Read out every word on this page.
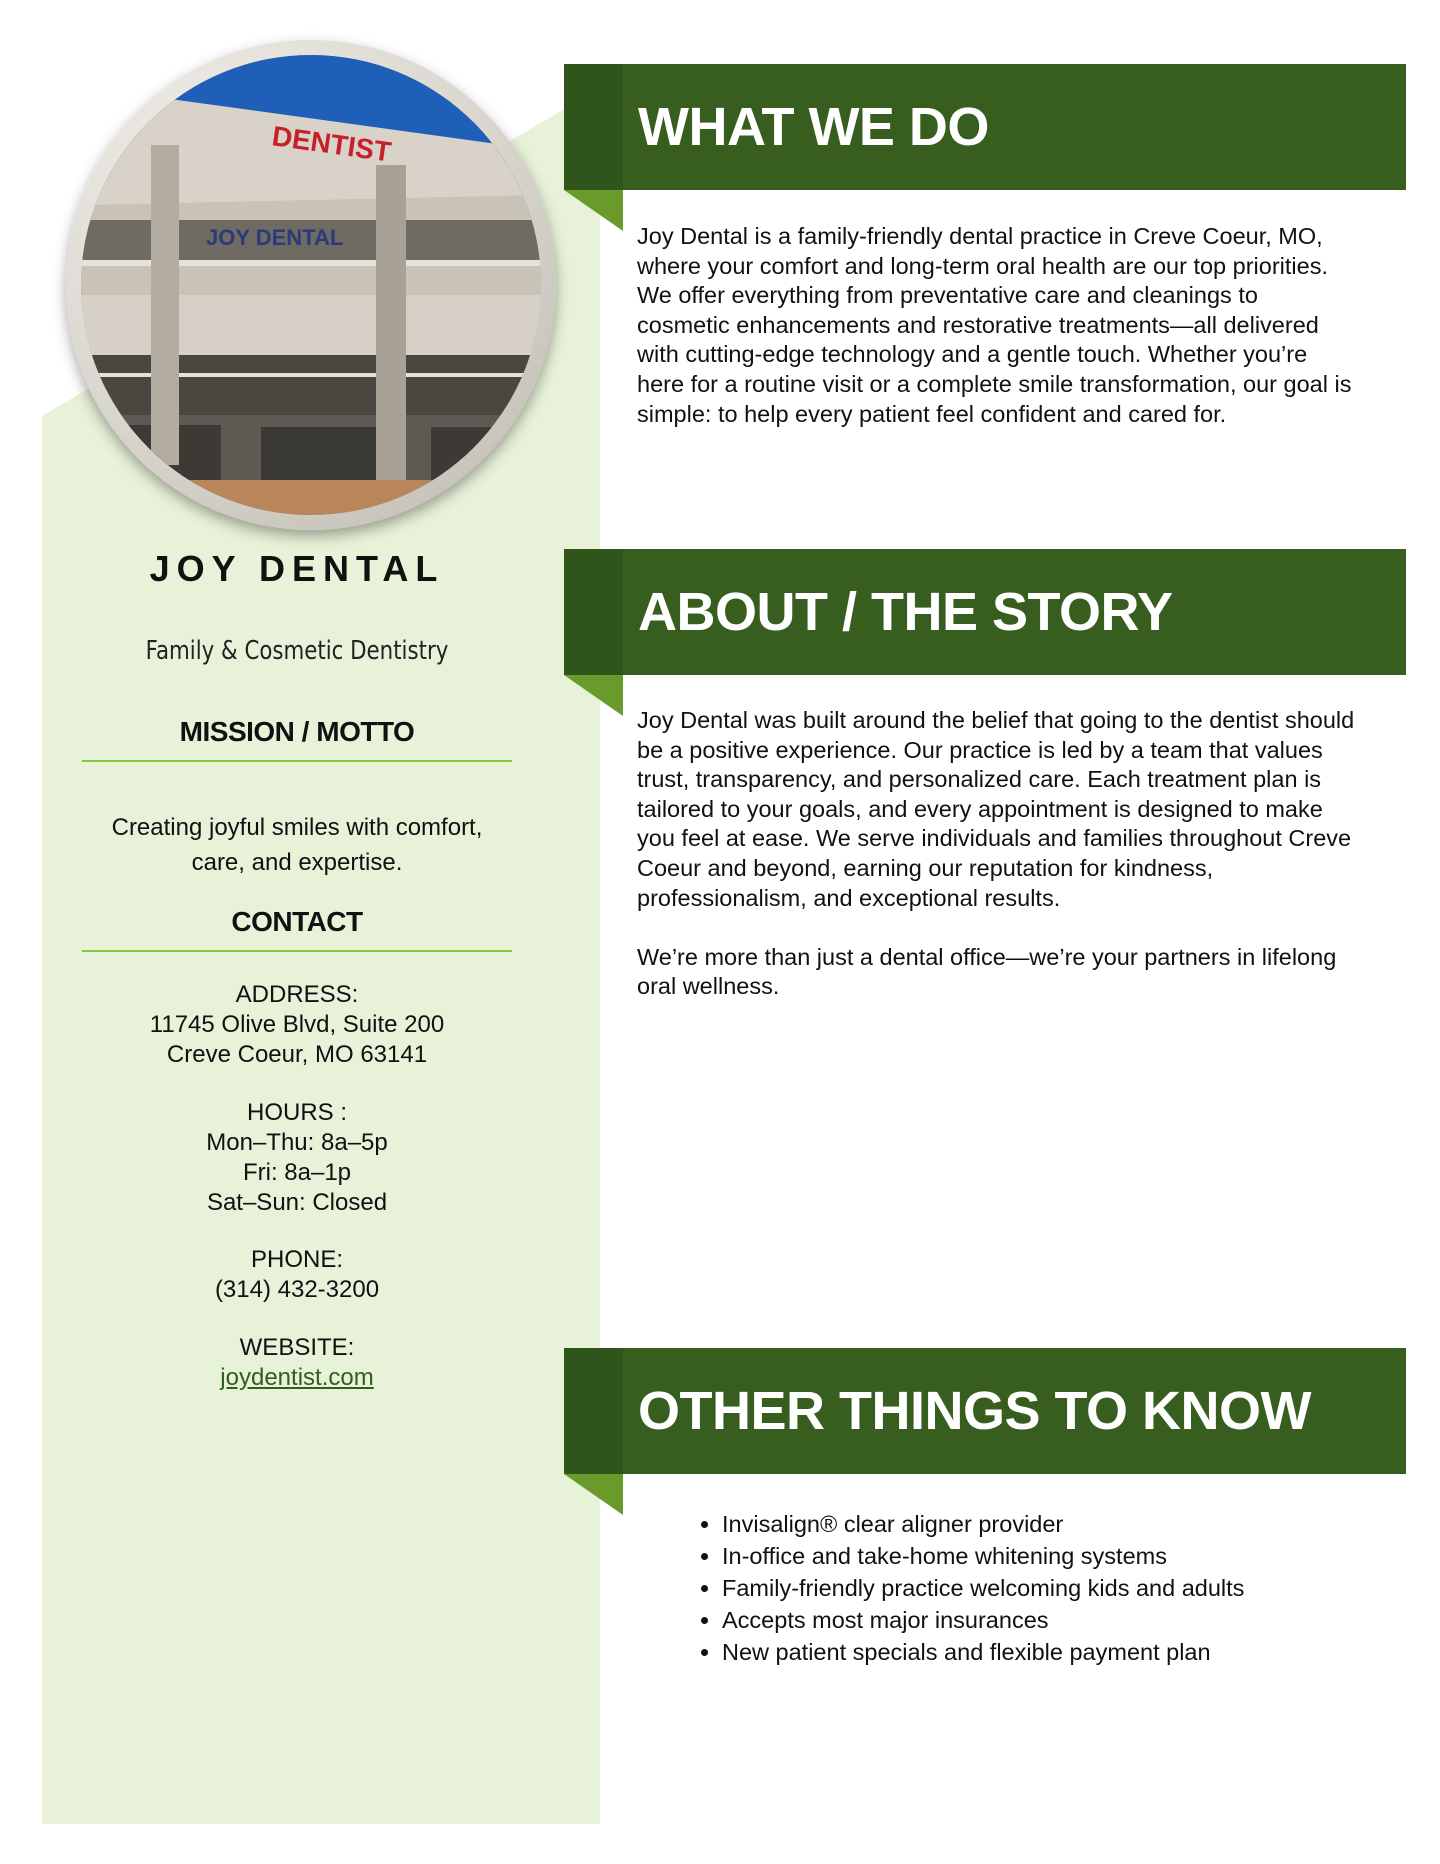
DENTIST
JOY DENTAL
JOY DENTAL
Family & Cosmetic Dentistry
MISSION / MOTTO
Creating joyful smiles with comfort, care, and expertise.
CONTACT
ADDRESS:
11745 Olive Blvd, Suite 200
Creve Coeur, MO 63141
HOURS :
Mon–Thu: 8a–5p
Fri: 8a–1p
Sat–Sun: Closed
PHONE:
(314) 432-3200
WEBSITE:
joydentist.com
WHAT WE DO

Joy Dental is a family-friendly dental practice in Creve Coeur, MO, where your comfort and long-term oral health are our top priorities. We offer everything from preventative care and cleanings to cosmetic enhancements and restorative treatments—all delivered with cutting-edge technology and a gentle touch. Whether you’re here for a routine visit or a complete smile transformation, our goal is simple: to help every patient feel confident and cared for.

ABOUT / THE STORY

Joy Dental was built around the belief that going to the dentist should be a positive experience. Our practice is led by a team that values trust, transparency, and personalized care. Each treatment plan is tailored to your goals, and every appointment is designed to make you feel at ease. We serve individuals and families throughout Creve Coeur and beyond, earning our reputation for kindness, professionalism, and exceptional results.

We’re more than just a dental office—we’re your partners in lifelong oral wellness.

OTHER THINGS TO KNOW
• Invisalign® clear aligner provider
• In-office and take-home whitening systems
• Family-friendly practice welcoming kids and adults
• Accepts most major insurances
• New patient specials and flexible payment plan
